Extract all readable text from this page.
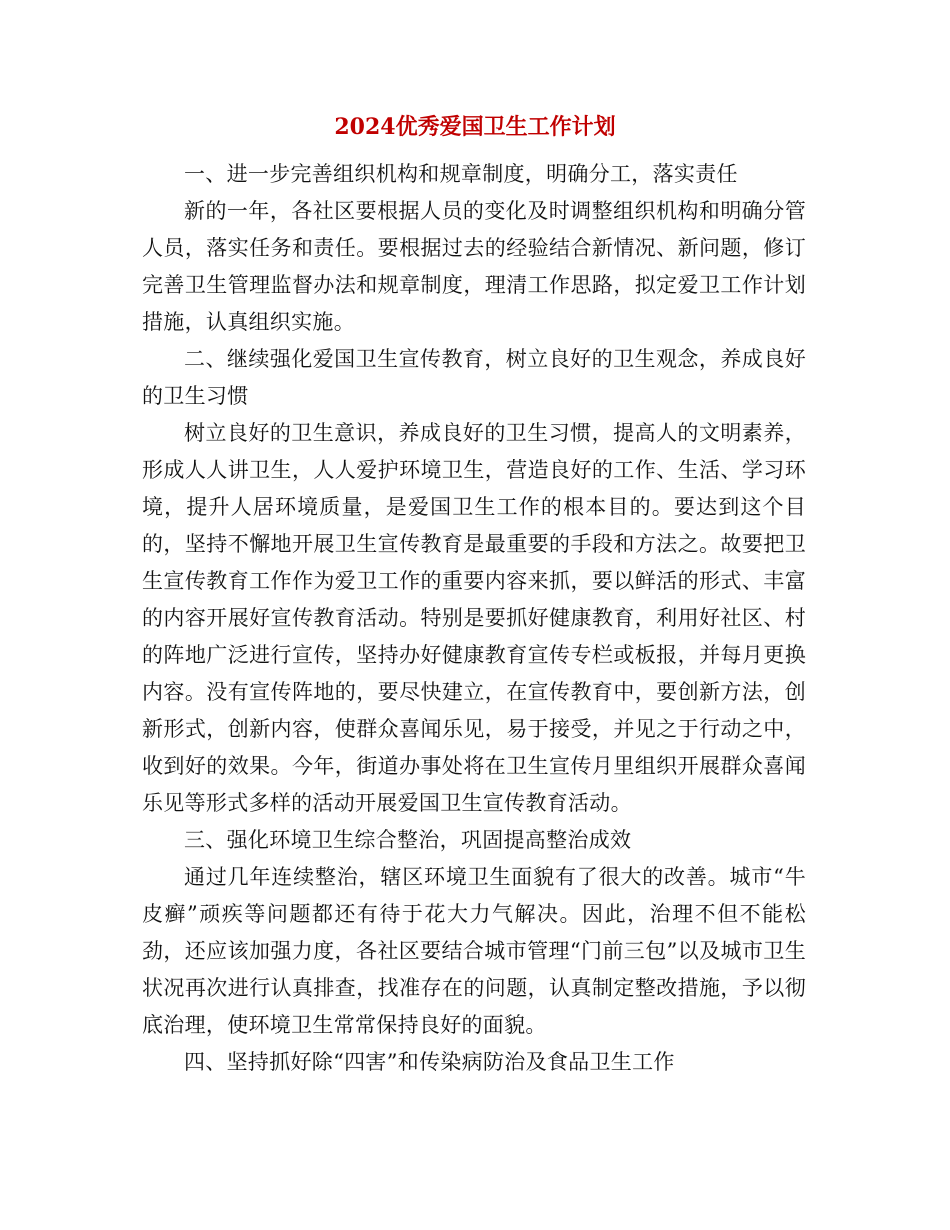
2024优秀爱国卫生工作计划

一、进一步完善组织机构和规章制度，明确分工，落实责任

新的一年，各社区要根据人员的变化及时调整组织机构和明确分管人员，落实任务和责任。要根据过去的经验结合新情况、新问题，修订完善卫生管理监督办法和规章制度，理清工作思路，拟定爱卫工作计划措施，认真组织实施。

二、继续强化爱国卫生宣传教育，树立良好的卫生观念，养成良好的卫生习惯

树立良好的卫生意识，养成良好的卫生习惯，提高人的文明素养，形成人人讲卫生，人人爱护环境卫生，营造良好的工作、生活、学习环境，提升人居环境质量，是爱国卫生工作的根本目的。要达到这个目的，坚持不懈地开展卫生宣传教育是最重要的手段和方法之。故要把卫生宣传教育工作作为爱卫工作的重要内容来抓，要以鲜活的形式、丰富的内容开展好宣传教育活动。特别是要抓好健康教育，利用好社区、村的阵地广泛进行宣传，坚持办好健康教育宣传专栏或板报，并每月更换内容。没有宣传阵地的，要尽快建立，在宣传教育中，要创新方法，创新形式，创新内容，使群众喜闻乐见，易于接受，并见之于行动之中，收到好的效果。今年，街道办事处将在卫生宣传月里组织开展群众喜闻乐见等形式多样的活动开展爱国卫生宣传教育活动。

三、强化环境卫生综合整治，巩固提高整治成效

通过几年连续整治，辖区环境卫生面貌有了很大的改善。城市“牛皮癣”顽疾等问题都还有待于花大力气解决。因此，治理不但不能松劲，还应该加强力度，各社区要结合城市管理“门前三包”以及城市卫生状况再次进行认真排查，找准存在的问题，认真制定整改措施，予以彻底治理，使环境卫生常常保持良好的面貌。

四、坚持抓好除“四害”和传染病防治及食品卫生工作
